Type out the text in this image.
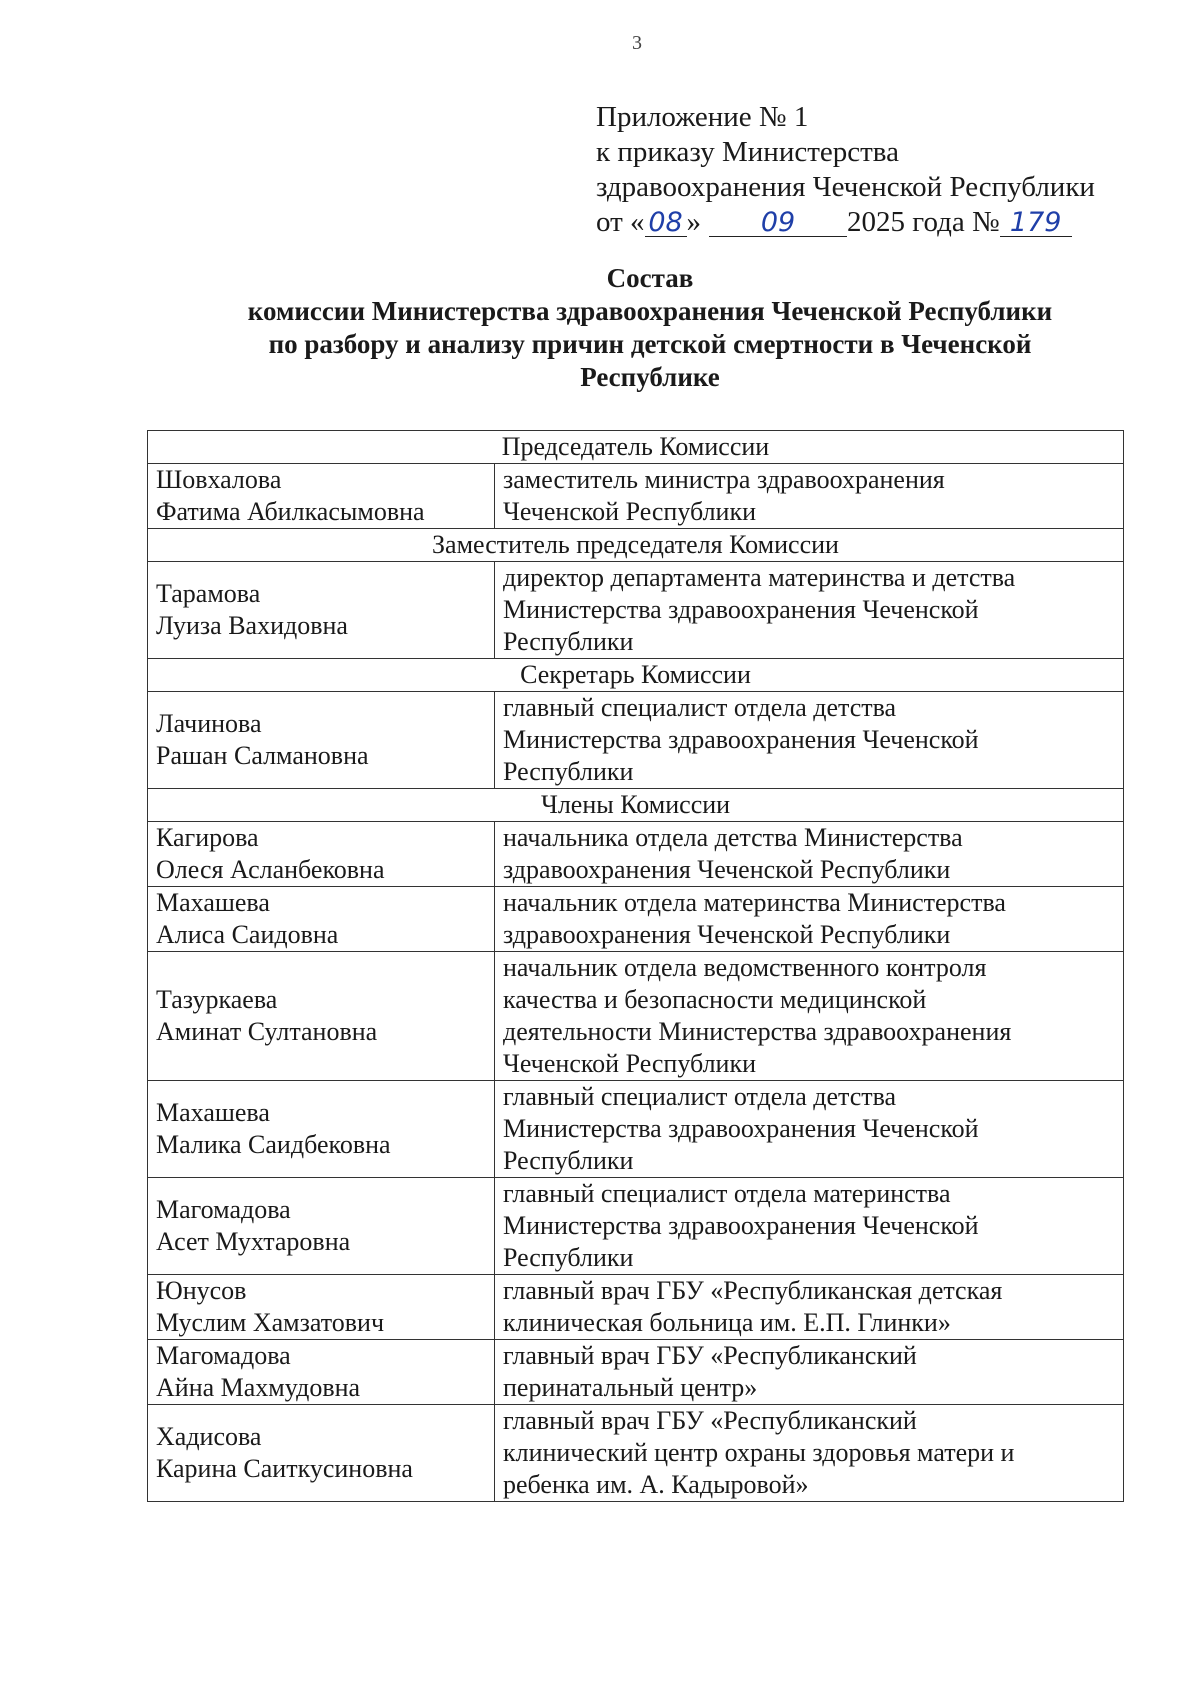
3
Приложение № 1
к приказу Министерства
здравоохранения Чеченской Республики
от « 08 » 09 2025 года № 179
Состав
комиссии Министерства здравоохранения Чеченской Республики
по разбору и анализу причин детской смертности в Чеченской
Республике
Председатель Комиссии	

Шовхалова
Фатима Абилкасымовна	заместитель министра здравоохранения
Чеченской Республики

Заместитель председателя Комиссии	

Тарамова
Луиза Вахидовна	директор департамента материнства и детства
Министерства здравоохранения Чеченской
Республики

Секретарь Комиссии	

Лачинова
Рашан Салмановна	главный специалист отдела детства
Министерства здравоохранения Чеченской
Республики

Члены Комиссии	

Кагирова
Олеся Асланбековна	начальника отдела детства Министерства
здравоохранения Чеченской Республики

Махашева
Алиса Саидовна	начальник отдела материнства Министерства
здравоохранения Чеченской Республики

Тазуркаева
Аминат Султановна	начальник отдела ведомственного контроля
качества и безопасности медицинской
деятельности Министерства здравоохранения
Чеченской Республики

Махашева
Малика Саидбековна	главный специалист отдела детства
Министерства здравоохранения Чеченской
Республики

Магомадова
Асет Мухтаровна	главный специалист отдела материнства
Министерства здравоохранения Чеченской
Республики

Юнусов
Муслим Хамзатович	главный врач ГБУ «Республиканская детская
клиническая больница им. Е.П. Глинки»

Магомадова
Айна Махмудовна	главный врач ГБУ «Республиканский
перинатальный центр»

Хадисова
Карина Саиткусиновна	главный врач ГБУ «Республиканский
клинический центр охраны здоровья матери и
ребенка им. А. Кадыровой»
